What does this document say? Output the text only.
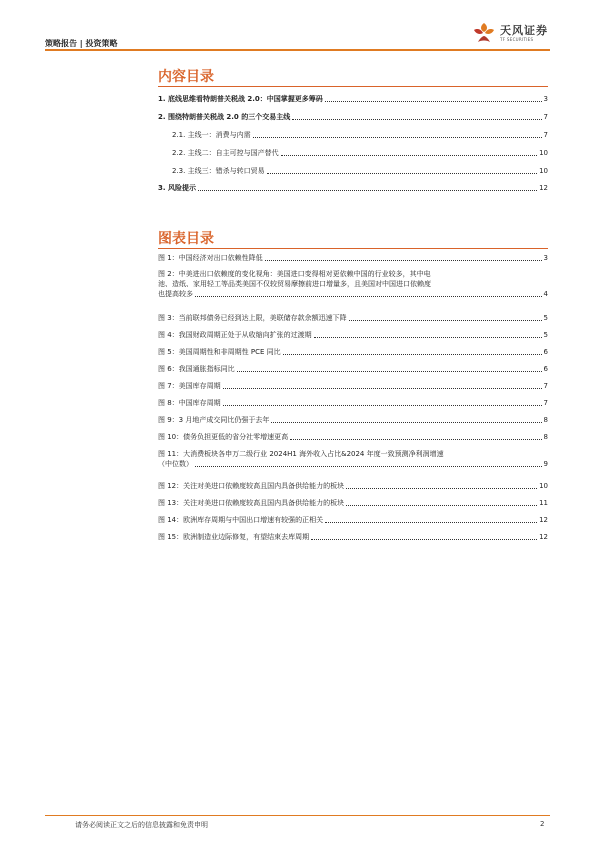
策略报告 | 投资策略
天风证券
TF SECURITIES
内容目录
1. 底线思维看特朗普关税战 2.0：中国掌握更多筹码	3
2. 围绕特朗普关税战 2.0 的三个交易主线	7
2.1. 主线一：消费与内需	7
2.2. 主线二：自主可控与国产替代	10
2.3. 主线三：错杀与转口贸易	10
3. 风险提示	12
图表目录
图 1：中国经济对出口依赖性降低	3
图 2：中美进出口依赖度的变化视角：美国进口变得相对更依赖中国的行业较多，其中电
池、造纸、家用轻工等品类美国不仅较贸易摩擦前进口增量多，且美国对中国进口依赖度
也提高较多	4
图 3：当前联邦债务已经到达上限，美联储存款余额迅速下降	5
图 4：我国财政周期正处于从收缩向扩张的过渡期	5
图 5：美国周期性和非周期性 PCE 同比	6
图 6：我国通胀指标同比	6
图 7：美国库存周期	7
图 8：中国库存周期	7
图 9：3 月地产成交同比仍强于去年	8
图 10：债务负担更低的省分社零增速更高	8
图 11：大消费板块各申万二级行业 2024H1 海外收入占比&2024 年度一致预测净利润增速
（中位数）	9
图 12：关注对美进口依赖度较高且国内具备供给能力的板块	10
图 13：关注对美进口依赖度较高且国内具备供给能力的板块	11
图 14：欧洲库存周期与中国出口增速有较强的正相关	12
图 15：欧洲制造业边际修复，有望结束去库周期	12
请务必阅读正文之后的信息披露和免责申明	2
